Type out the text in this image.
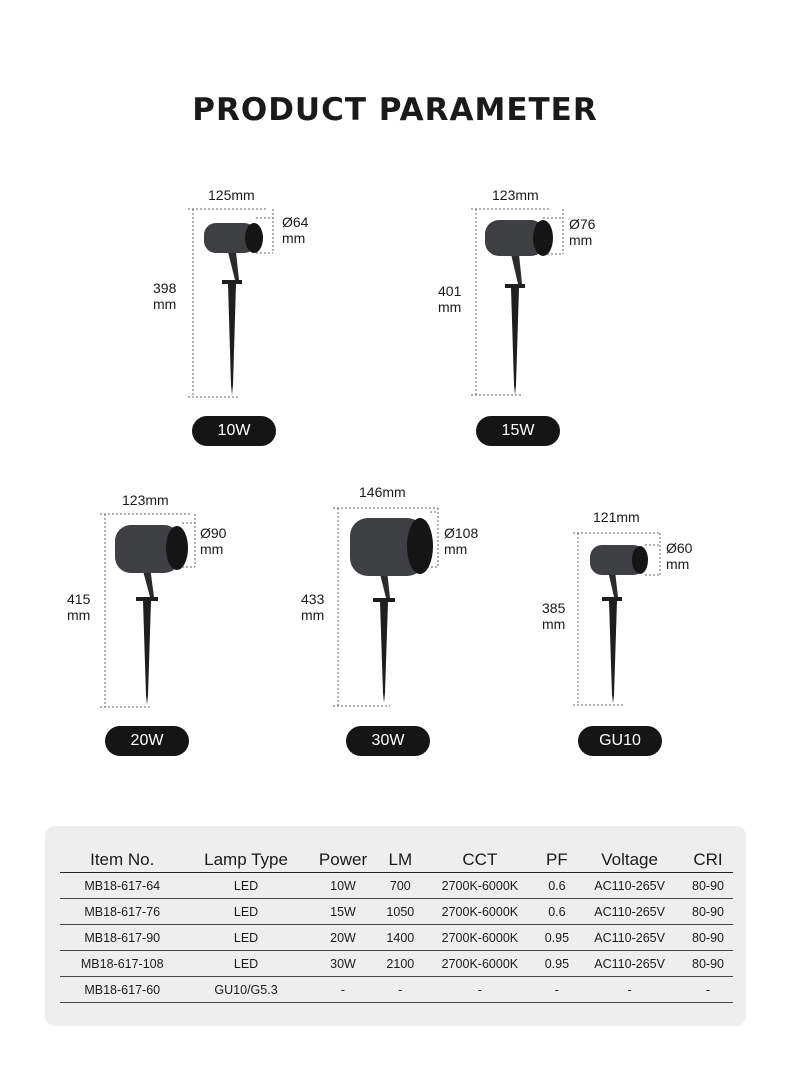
PRODUCT PARAMETER
125mm
Ø64
mm
398
mm
10W
123mm
Ø76
mm
401
mm
15W
123mm
Ø90
mm
415
mm
20W
146mm
Ø108
mm
433
mm
30W
121mm
Ø60
mm
385
mm
GU10
Item No.	Lamp Type	Power	LM	CCT	PF	Voltage	CRI
MB18-617-64	LED	10W	700	2700K-6000K	0.6	AC110-265V	80-90
MB18-617-76	LED	15W	1050	2700K-6000K	0.6	AC110-265V	80-90
MB18-617-90	LED	20W	1400	2700K-6000K	0.95	AC110-265V	80-90
MB18-617-108	LED	30W	2100	2700K-6000K	0.95	AC110-265V	80-90
MB18-617-60	GU10/G5.3	-	-	-	-	-	-
